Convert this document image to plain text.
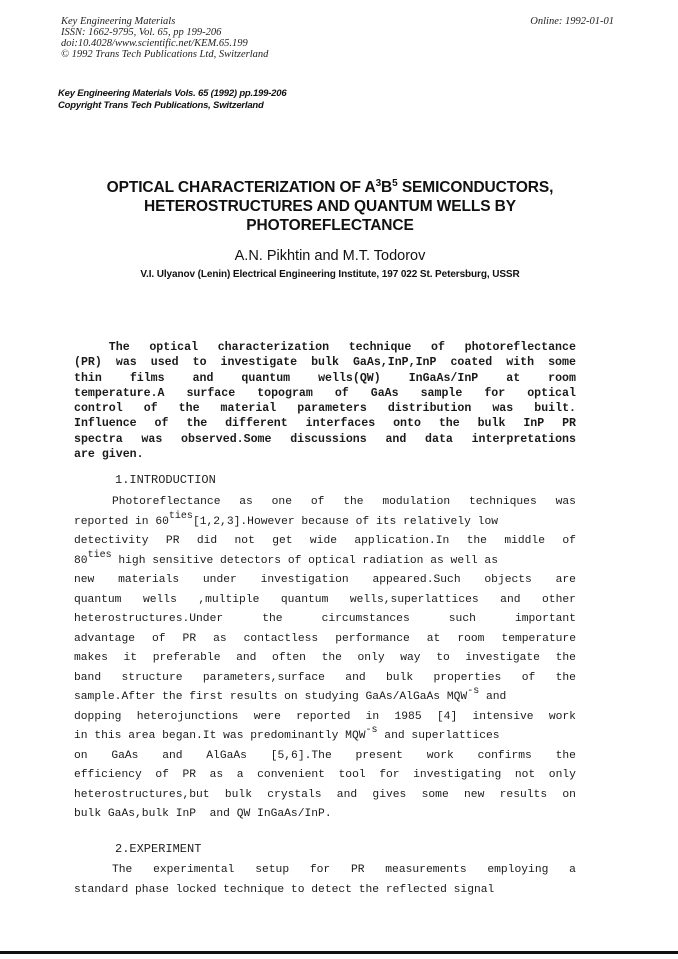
Key Engineering Materials
ISSN: 1662-9795, Vol. 65, pp 199-206
doi:10.4028/www.scientific.net/KEM.65.199
© 1992 Trans Tech Publications Ltd, Switzerland
Online: 1992-01-01
Key Engineering Materials Vols. 65 (1992) pp.199-206
Copyright Trans Tech Publications, Switzerland
OPTICAL CHARACTERIZATION OF $A^3B^5$ SEMICONDUCTORS,
HETEROSTRUCTURES AND QUANTUM WELLS BY
PHOTOREFLECTANCE
A.N. Pikhtin and M.T. Todorov
V.I. Ulyanov (Lenin) Electrical Engineering Institute, 197 022 St. Petersburg, USSR
The optical characterization technique of photoreflectance
(PR) was used to investigate bulk GaAs,InP,InP coated with some
thin films and quantum wells(QW) InGaAs/InP at room
temperature.A surface topogram of GaAs sample for optical
control of the material parameters distribution was built.
Influence of the different interfaces onto the bulk InP PR
spectra was observed.Some discussions and data interpretations
are given.
1.INTRODUCTION
Photoreflectance as one of the modulation techniques was
reported in $60^{ties}[1,2,3].However$ because of its relatively low
detectivity PR did not get wide application.In the middle of
$80^{ties}$ high sensitive detectors of optical radiation as well as
new materials under investigation appeared.Such objects are
quantum wells ,multiple quantum wells,superlattices and other
heterostructures.Under	the	circumstances	such	important
advantage of PR as contactless performance at room temperature
makes it preferable and often the only way to investigate the
band structure parameters,surface and bulk properties of the
sample.After the first results on studying GaAs/AlGaAs $MQW^{-s}$ and
dopping heterojunctions were reported in 1985 [4] intensive work
in this area began.It was predominantly $MQW^{-s}$ and superlattices
on GaAs and AlGaAs [5,6].The present work confirms the
efficiency of PR as a convenient tool for investigating not only
heterostructures,but bulk crystals and gives some new results on
bulk GaAs,bulk InP  and QW InGaAs/InP.
2.EXPERIMENT
The experimental setup for PR measurements employing a
standard phase locked technique to detect the reflected signal
